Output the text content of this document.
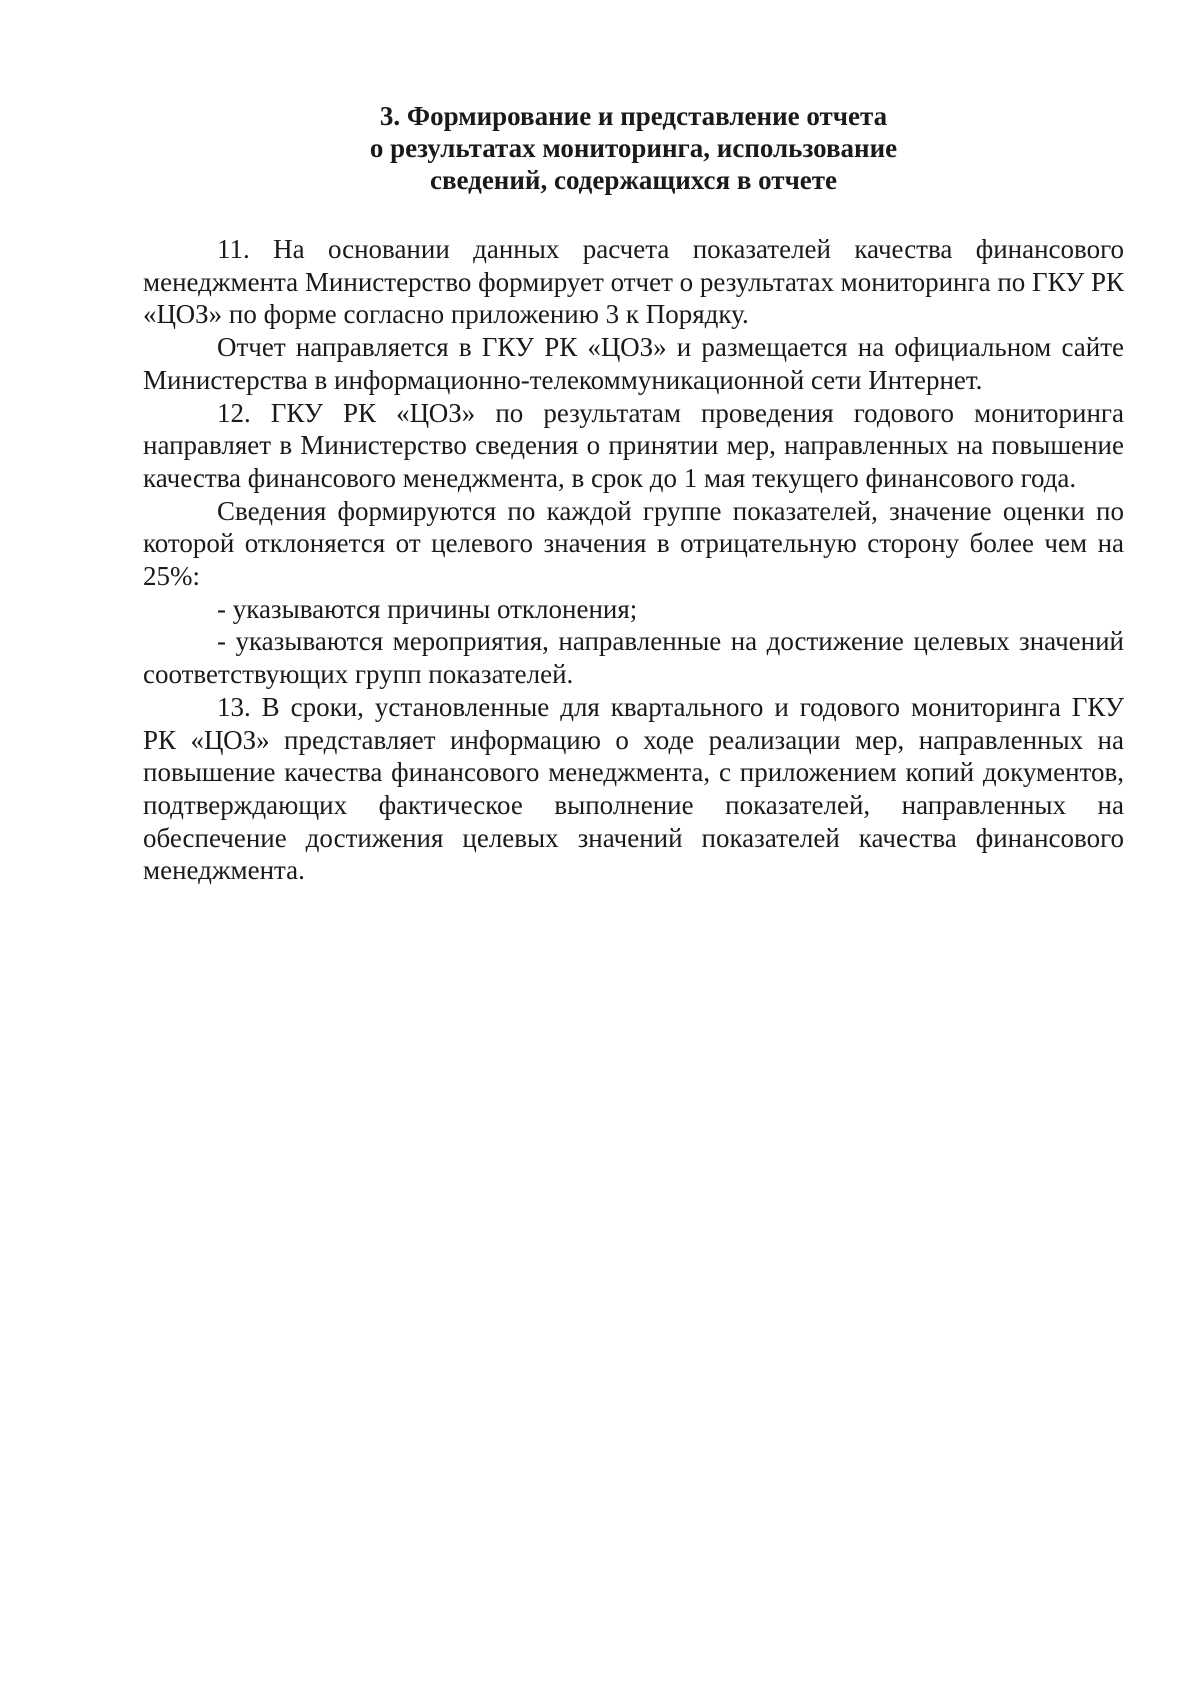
3. Формирование и представление отчета
о результатах мониторинга, использование
сведений, содержащихся в отчете

11. На основании данных расчета показателей качества финансового менеджмента Министерство формирует отчет о результатах мониторинга по ГКУ РК «ЦОЗ» по форме согласно приложению 3 к Порядку.

Отчет направляется в ГКУ РК «ЦОЗ» и размещается на официальном сайте Министерства в информационно-телекоммуникационной сети Интернет.

12. ГКУ РК «ЦОЗ» по результатам проведения годового мониторинга направляет в Министерство сведения о принятии мер, направленных на повышение качества финансового менеджмента, в срок до 1 мая текущего финансового года.

Сведения формируются по каждой группе показателей, значение оценки по которой отклоняется от целевого значения в отрицательную сторону более чем на 25%:

- указываются причины отклонения;

- указываются мероприятия, направленные на достижение целевых значений соответствующих групп показателей.

13. В сроки, установленные для квартального и годового мониторинга ГКУ РК «ЦОЗ» представляет информацию о ходе реализации мер, направленных на повышение качества финансового менеджмента, с приложением копий документов, подтверждающих фактическое выполнение показателей, направленных на обеспечение достижения целевых значений показателей качества финансового менеджмента.
